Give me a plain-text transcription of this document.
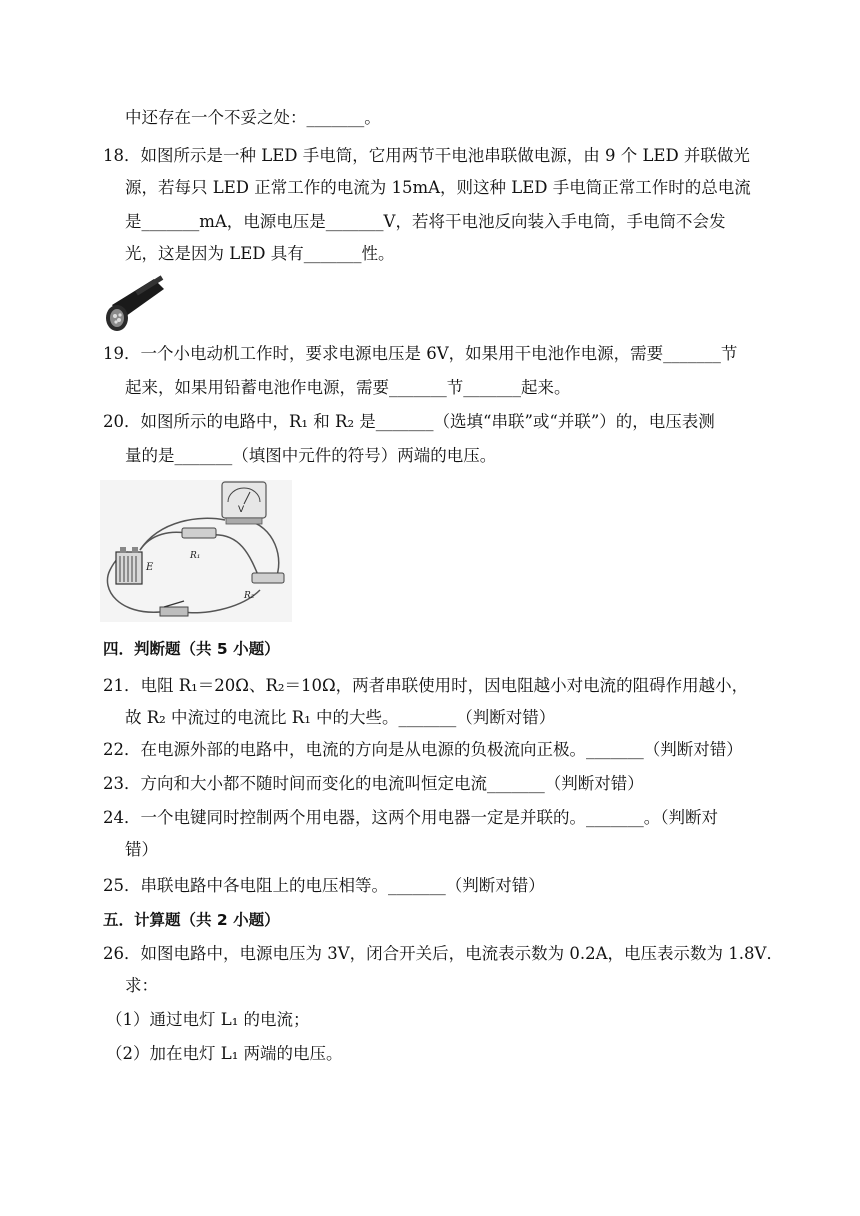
中还存在一个不妥之处：_______。
18．如图所示是一种 LED 手电筒，它用两节干电池串联做电源，由 9 个 LED 并联做光
源，若每只 LED 正常工作的电流为 15mA，则这种 LED 手电筒正常工作时的总电流
是_______mA，电源电压是_______V，若将干电池反向装入手电筒，手电筒不会发
光，这是因为 LED 具有_______性。
19．一个小电动机工作时，要求电源电压是 6V，如果用干电池作电源，需要_______节
起来，如果用铅蓄电池作电源，需要_______节_______起来。
20．如图所示的电路中，R₁ 和 R₂ 是_______（选填“串联”或“并联”）的，电压表测
量的是_______（填图中元件的符号）两端的电压。
V
E
R₁
R₂
四．判断题（共 5 小题）
21．电阻 R₁＝20Ω、R₂＝10Ω，两者串联使用时，因电阻越小对电流的阻碍作用越小，
故 R₂ 中流过的电流比 R₁ 中的大些。_______（判断对错）
22．在电源外部的电路中，电流的方向是从电源的负极流向正极。_______（判断对错）
23．方向和大小都不随时间而变化的电流叫恒定电流_______（判断对错）
24．一个电键同时控制两个用电器，这两个用电器一定是并联的。_______。（判断对
错）
25．串联电路中各电阻上的电压相等。_______（判断对错）
五．计算题（共 2 小题）
26．如图电路中，电源电压为 3V，闭合开关后，电流表示数为 0.2A，电压表示数为 1.8V．
求：
（1）通过电灯 L₁ 的电流；
（2）加在电灯 L₁ 两端的电压。
